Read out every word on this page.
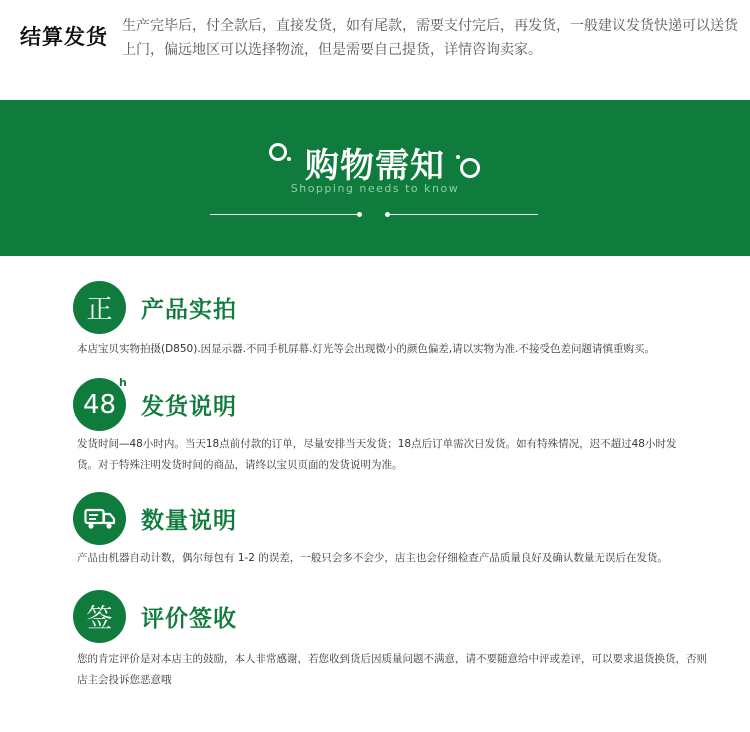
结算发货 生产完毕后，付全款后，直接发货，如有尾款，需要支付完后，再发货，一般建议发货快递可以送货上门，偏远地区可以选择物流，但是需要自己提货，详情咨询卖家。
购物需知
Shopping needs to know
正 产品实拍
本店宝贝实物拍摄(D850).因显示器.不同手机屏幕.灯光等会出现微小的颜色偏差,请以实物为准.不接受色差问题请慎重购买。
48
h
发货说明
发货时间—48小时内。当天18点前付款的订单，尽量安排当天发货；18点后订单需次日发货。如有特殊情况，迟不超过48小时发货。对于特殊注明发货时间的商品，请终以宝贝页面的发货说明为准。
数量说明
产品由机器自动计数，偶尔每包有 1-2 的误差，一般只会多不会少，店主也会仔细检查产品质量良好及确认数量无误后在发货。
签 评价签收
您的肯定评价是对本店主的鼓励，本人非常感谢，若您收到货后因质量问题不满意，请不要随意给中评或差评，可以要求退货换货，否则店主会投诉您恶意哦
